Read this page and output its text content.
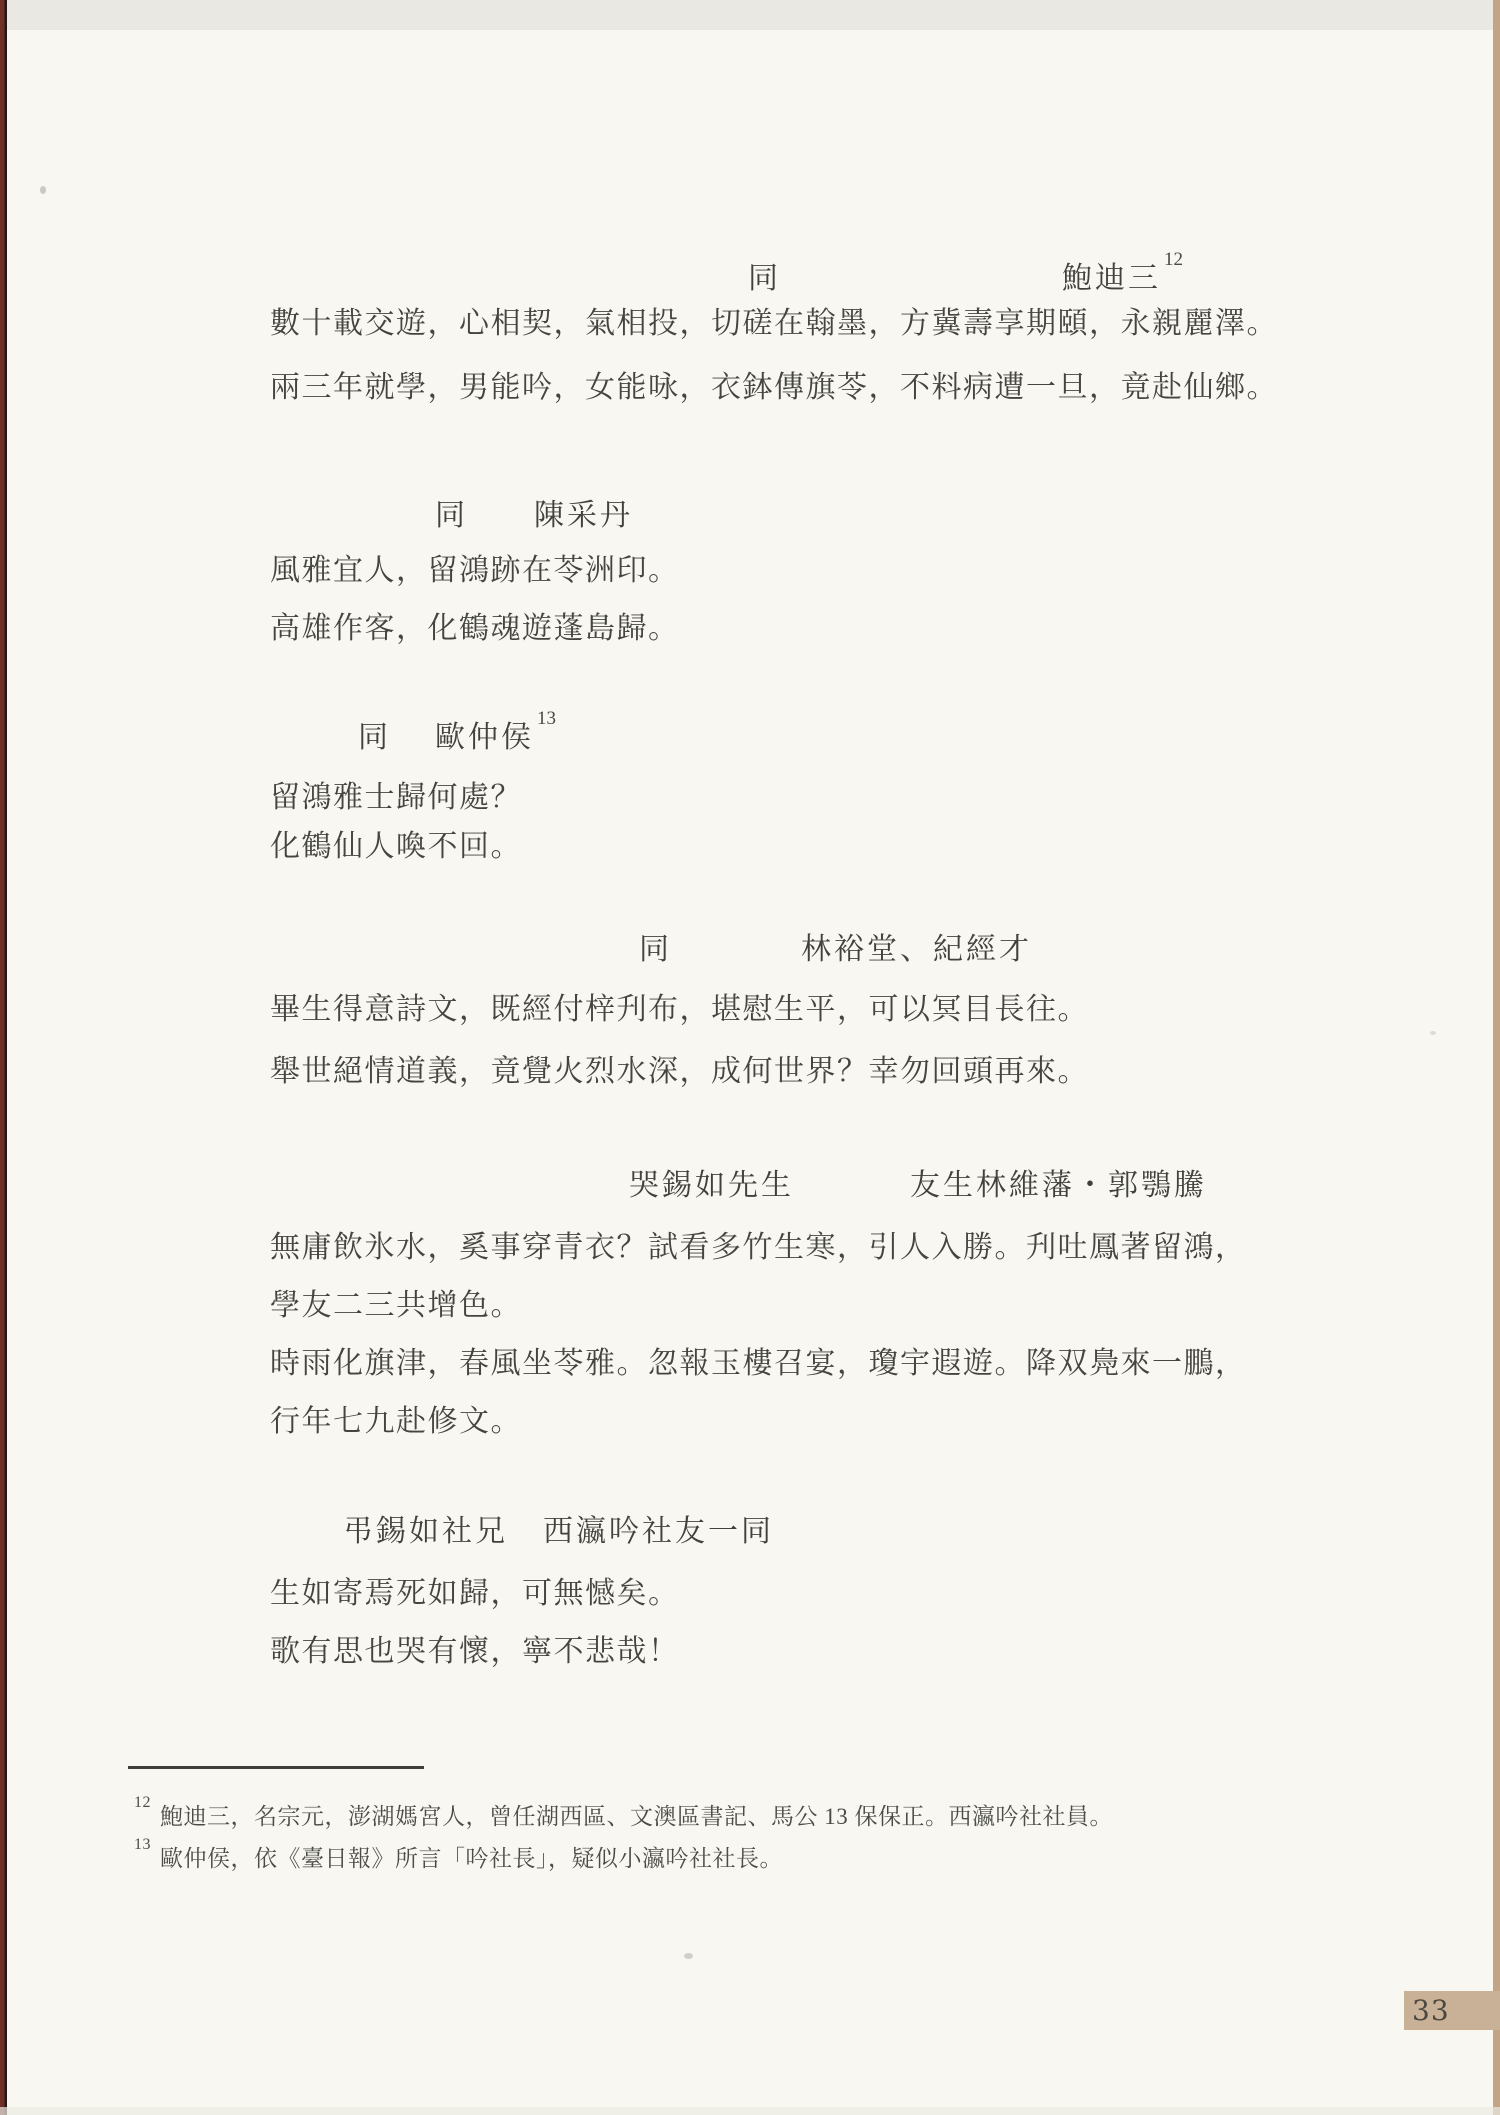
同	鮑迪三$^{12}$
數十載交遊，心相契，氣相投，切磋在翰墨，方冀壽享期頤，永親麗澤。
兩三年就學，男能吟，女能咏，衣鉢傳旗苓，不料病遭一旦，竟赴仙鄉。
同 陳采丹
風雅宜人，留鴻跡在苓洲印。
高雄作客，化鶴魂遊蓬島歸。
同 歐仲侯$^{13}$
留鴻雅士歸何處？
化鶴仙人喚不回。
同	林裕堂、紀經才
畢生得意詩文，既經付梓刋布，堪慰生平，可以冥目長往。
舉世絕情道義，竟覺火烈水深，成何世界？幸勿回頭再來。
哭錫如先生	友生林維藩・郭鶚騰
無庸飲氷水，奚事穿青衣？試看多竹生寒，引人入勝。刋吐鳳著留鴻，
學友二三共增色。
時雨化旗津，春風坐苓雅。忽報玉樓召宴，瓊宇遐遊。降双鳧來一鵬，
行年七九赴修文。
弔錫如社兄 西瀛吟社友一同
生如寄焉死如歸，可無憾矣。
歌有思也哭有懷，寧不悲哉！
$^{12}$鮑迪三，名宗元，澎湖媽宮人，曾任湖西區、文澳區書記、馬公 13 保保正。西瀛吟社社員。
$^{13}$歐仲侯，依《臺日報》所言「吟社長」，疑似小瀛吟社社長。
33
